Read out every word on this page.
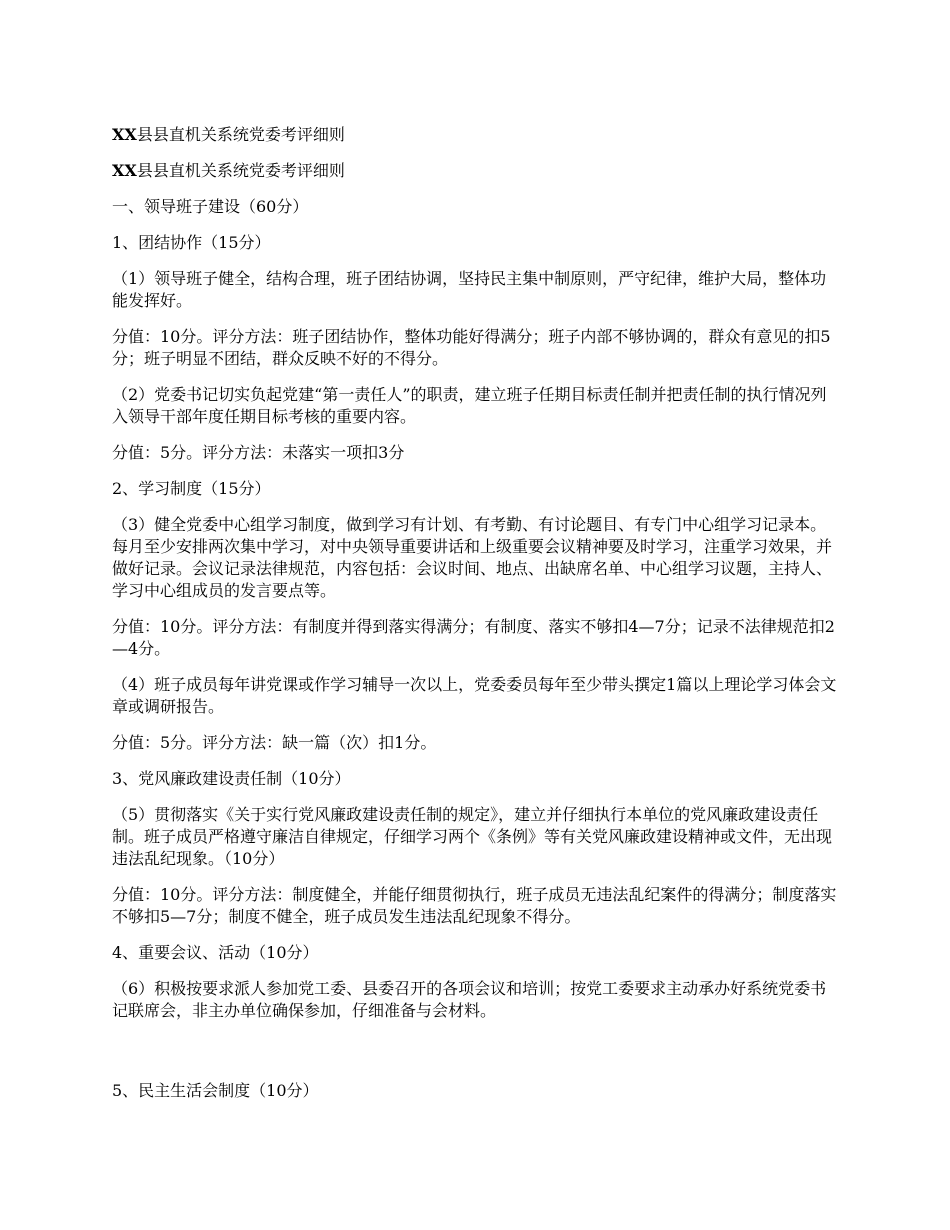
XX县县直机关系统党委考评细则

XX县县直机关系统党委考评细则

一、领导班子建设（60分）

1、团结协作（15分）

（1）领导班子健全，结构合理，班子团结协调，坚持民主集中制原则，严守纪律，维护大局，整体功能发挥好。

分值：10分。评分方法：班子团结协作，整体功能好得满分；班子内部不够协调的，群众有意见的扣5分；班子明显不团结，群众反映不好的不得分。

（2）党委书记切实负起党建“第一责任人”的职责，建立班子任期目标责任制并把责任制的执行情况列入领导干部年度任期目标考核的重要内容。

分值：5分。评分方法：未落实一项扣3分

2、学习制度（15分）

（3）健全党委中心组学习制度，做到学习有计划、有考勤、有讨论题目、有专门中心组学习记录本。每月至少安排两次集中学习，对中央领导重要讲话和上级重要会议精神要及时学习，注重学习效果，并做好记录。会议记录法律规范，内容包括：会议时间、地点、出缺席名单、中心组学习议题，主持人、学习中心组成员的发言要点等。

分值：10分。评分方法：有制度并得到落实得满分；有制度、落实不够扣4—7分；记录不法律规范扣2—4分。

（4）班子成员每年讲党课或作学习辅导一次以上，党委委员每年至少带头撰定1篇以上理论学习体会文章或调研报告。

分值：5分。评分方法：缺一篇（次）扣1分。

3、党风廉政建设责任制（10分）

（5）贯彻落实《关于实行党风廉政建设责任制的规定》，建立并仔细执行本单位的党风廉政建设责任制。班子成员严格遵守廉洁自律规定，仔细学习两个《条例》等有关党风廉政建设精神或文件，无出现违法乱纪现象。（10分）

分值：10分。评分方法：制度健全，并能仔细贯彻执行，班子成员无违法乱纪案件的得满分；制度落实不够扣5—7分；制度不健全，班子成员发生违法乱纪现象不得分。

4、重要会议、活动（10分）

（6）积极按要求派人参加党工委、县委召开的各项会议和培训；按党工委要求主动承办好系统党委书记联席会，非主办单位确保参加，仔细准备与会材料。

5、民主生活会制度（10分）
